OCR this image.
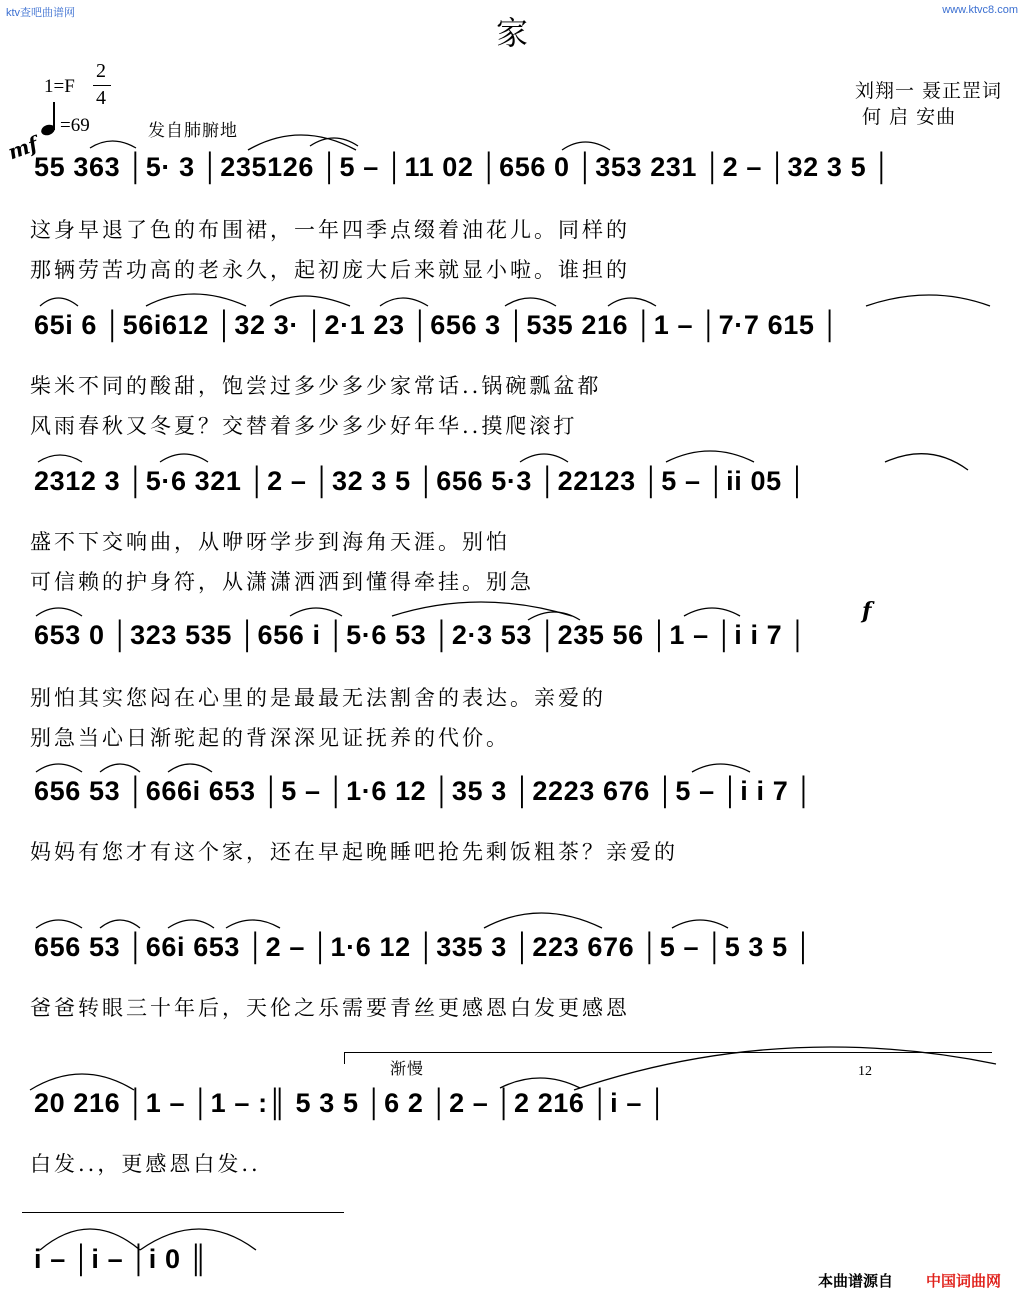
ktv查吧曲谱网	www.ktvc8.com
家
1=F
2
4
=69	发自肺腑地
刘翔一 聂正罡词
何 启 安曲
mf
f
渐慢	12
55 363 │5· 3 │235126 │5 – │11 02 │656 0 │353 231 │2 – │32 3 5 │
这身早退了色的布围裙，一年四季点缀着油花儿。同样的
那辆劳苦功高的老永久，起初庞大后来就显小啦。谁担的
65i 6 │56i612 │32 3· │2·1 23 │656 3 │535 216 │1 – │7·7 615 │
柴米不同的酸甜，饱尝过多少多少家常话..锅碗瓢盆都
风雨春秋又冬夏？交替着多少多少好年华..摸爬滚打
2312 3 │5·6 321 │2 – │32 3 5 │656 5·3 │22123 │5 – │ii 05 │
盛不下交响曲，从咿呀学步到海角天涯。别怕
可信赖的护身符，从潇潇洒洒到懂得牵挂。别急
653 0 │323 535 │656 i │5·6 53 │2·3 53 │235 56 │1 – │i i 7 │
别怕其实您闷在心里的是最最无法割舍的表达。亲爱的
别急当心日渐驼起的背深深见证抚养的代价。
656 53 │666i 653 │5 – │1·6 12 │35 3 │2223 676 │5 – │i i 7 │
妈妈有您才有这个家，还在早起晚睡吧抢先剩饭粗茶？亲爱的
656 53 │66i 653 │2 – │1·6 12 │335 3 │223 676 │5 – │5 3 5 │
爸爸转眼三十年后，天伦之乐需要青丝更感恩白发更感恩
20 216 │1 – │1 – :║ 5 3 5 │6 2 │2 – │2 216 │i – │
白发..，更感恩白发..
i – │i – │i 0 ║
本曲谱源自 中国词曲网
